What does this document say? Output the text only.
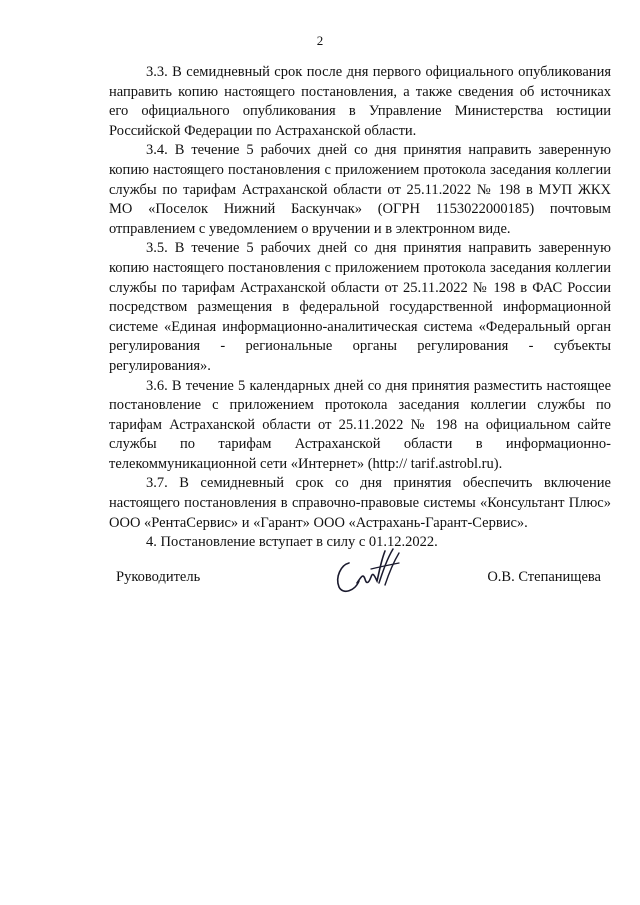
2

3.3. В семидневный срок после дня первого официального опубликования направить копию настоящего постановления, а также сведения об источниках его официального опубликования в Управление Министерства юстиции Российской Федерации по Астраханской области.

3.4. В течение 5 рабочих дней со дня принятия направить заверенную копию настоящего постановления с приложением протокола заседания коллегии службы по тарифам Астраханской области от 25.11.2022 № 198 в МУП ЖКХ МО «Поселок Нижний Баскунчак» (ОГРН 1153022000185) почтовым отправлением с уведомлением о вручении и в электронном виде.

3.5. В течение 5 рабочих дней со дня принятия направить заверенную копию настоящего постановления с приложением протокола заседания коллегии службы по тарифам Астраханской области от 25.11.2022 № 198 в ФАС России посредством размещения в федеральной государственной информационной системе «Единая информационно-аналитическая система «Федеральный орган регулирования - региональные органы регулирования - субъекты регулирования».

3.6. В течение 5 календарных дней со дня принятия разместить настоящее постановление с приложением протокола заседания коллегии службы по тарифам Астраханской области от 25.11.2022 № 198 на официальном сайте службы по тарифам Астраханской области в информационно-телекоммуникационной сети «Интернет» (http:// tarif.astrobl.ru).

3.7. В семидневный срок со дня принятия обеспечить включение настоящего постановления в справочно-правовые системы «Консультант Плюс» ООО «РентаСервис» и «Гарант» ООО «Астрахань-Гарант-Сервис».

4. Постановление вступает в силу с 01.12.2022.

Руководитель	О.В. Степанищева
